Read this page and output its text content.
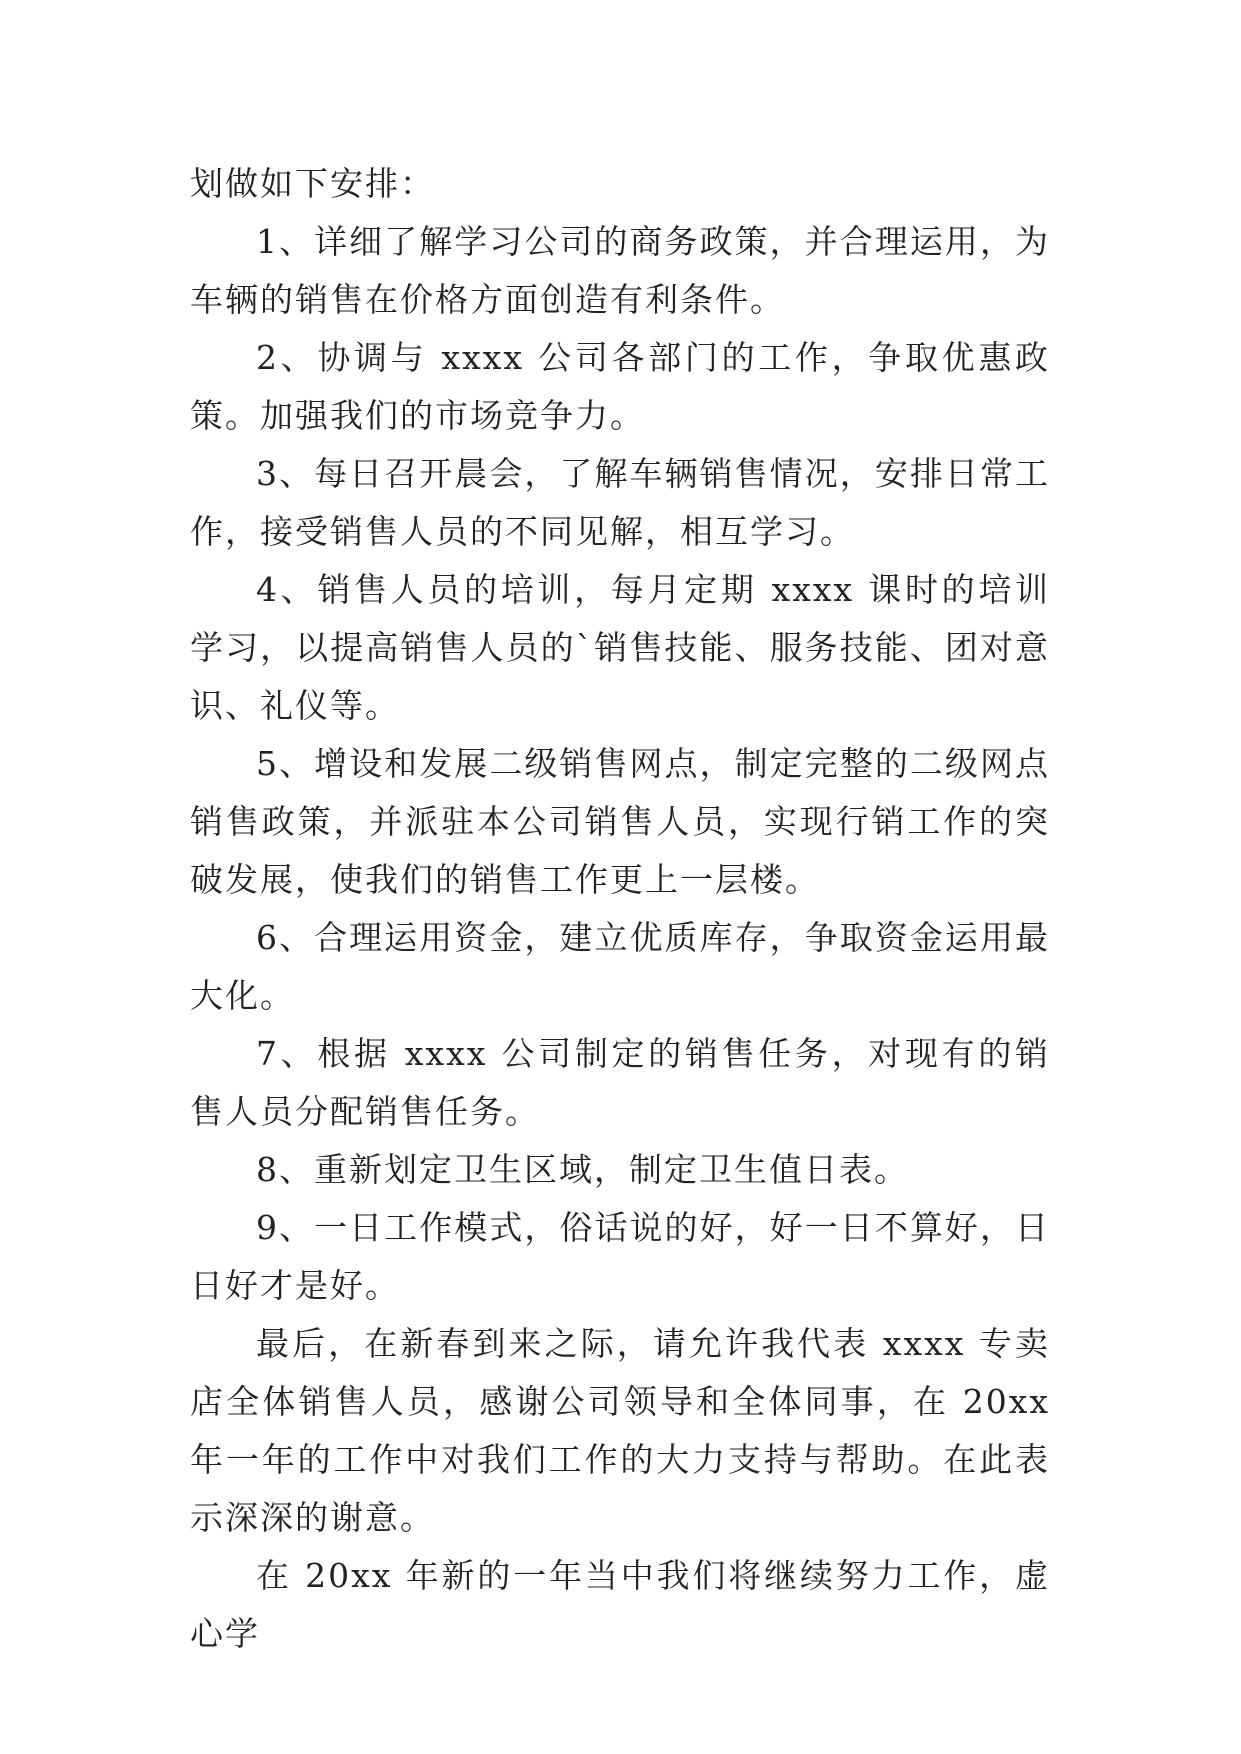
划做如下安排：

1、详细了解学习公司的商务政策，并合理运用，为车辆的销售在价格方面创造有利条件。

2、协调与 xxxx 公司各部门的工作，争取优惠政策。加强我们的市场竞争力。

3、每日召开晨会，了解车辆销售情况，安排日常工作，接受销售人员的不同见解，相互学习。

4、销售人员的培训，每月定期 xxxx 课时的培训学习，以提高销售人员的`销售技能、服务技能、团对意识、礼仪等。

5、增设和发展二级销售网点，制定完整的二级网点销售政策，并派驻本公司销售人员，实现行销工作的突破发展，使我们的销售工作更上一层楼。

6、合理运用资金，建立优质库存，争取资金运用最大化。

7、根据 xxxx 公司制定的销售任务，对现有的销售人员分配销售任务。

8、重新划定卫生区域，制定卫生值日表。

9、一日工作模式，俗话说的好，好一日不算好，日日好才是好。

最后，在新春到来之际，请允许我代表 xxxx 专卖店全体销售人员，感谢公司领导和全体同事，在 20xx 年一年的工作中对我们工作的大力支持与帮助。在此表示深深的谢意。

在 20xx 年新的一年当中我们将继续努力工作，虚心学
